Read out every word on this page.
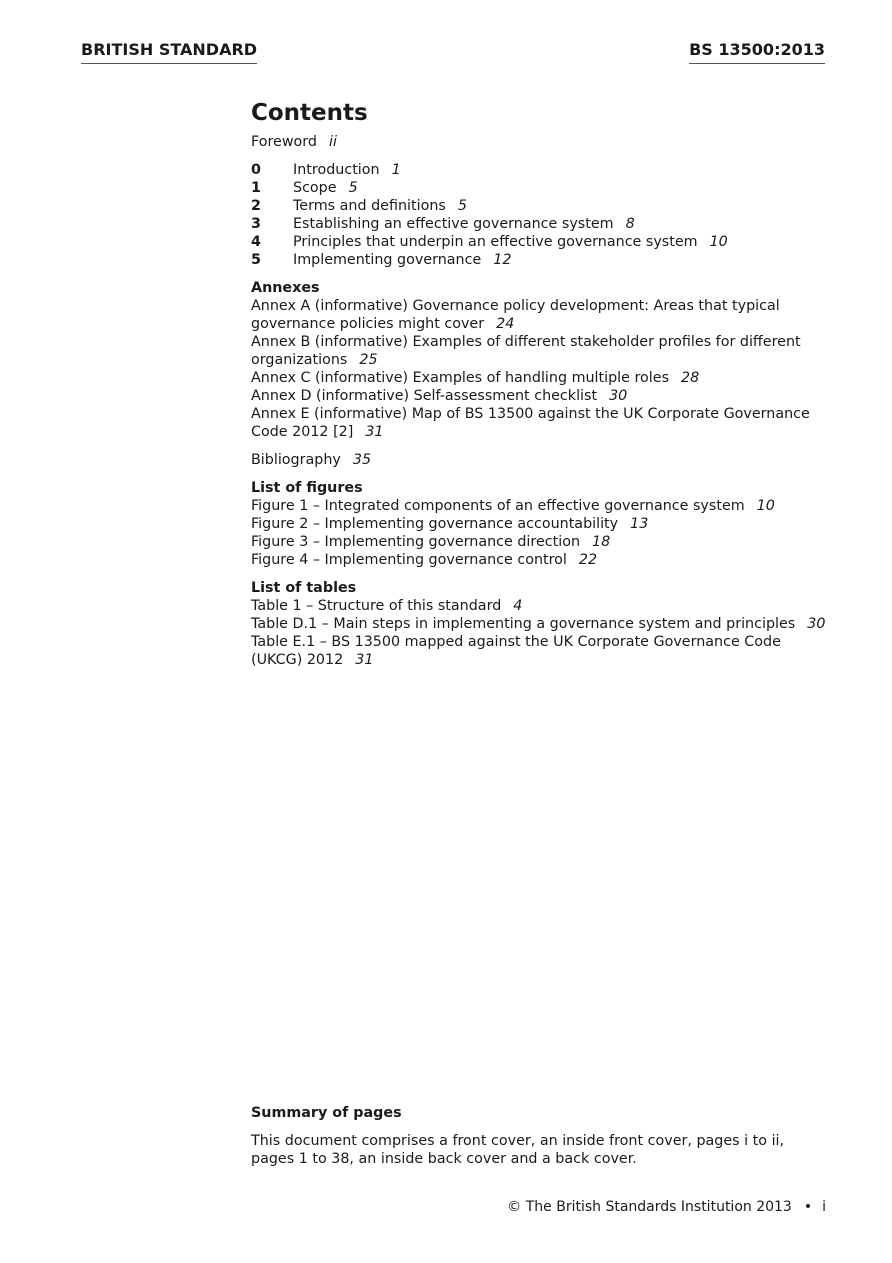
BRITISH STANDARD	BS 13500:2013
Contents
Foreword ii
0	Introduction 1
1	Scope 5
2	Terms and definitions 5
3	Establishing an effective governance system 8
4	Principles that underpin an effective governance system 10
5	Implementing governance 12
Annexes
Annex A (informative) Governance policy development: Areas that typical governance policies might cover 24
Annex B (informative) Examples of different stakeholder profiles for different organizations 25
Annex C (informative) Examples of handling multiple roles 28
Annex D (informative) Self-assessment checklist 30
Annex E (informative) Map of BS 13500 against the UK Corporate Governance Code 2012 [2] 31
Bibliography 35
List of figures
Figure 1 – Integrated components of an effective governance system 10
Figure 2 – Implementing governance accountability 13
Figure 3 – Implementing governance direction 18
Figure 4 – Implementing governance control 22
List of tables
Table 1 – Structure of this standard 4
Table D.1 – Main steps in implementing a governance system and principles 30
Table E.1 – BS 13500 mapped against the UK Corporate Governance Code (UKCG) 2012 31
Summary of pages
This document comprises a front cover, an inside front cover, pages i to ii, pages 1 to 38, an inside back cover and a back cover.
© The British Standards Institution 2013 • i
